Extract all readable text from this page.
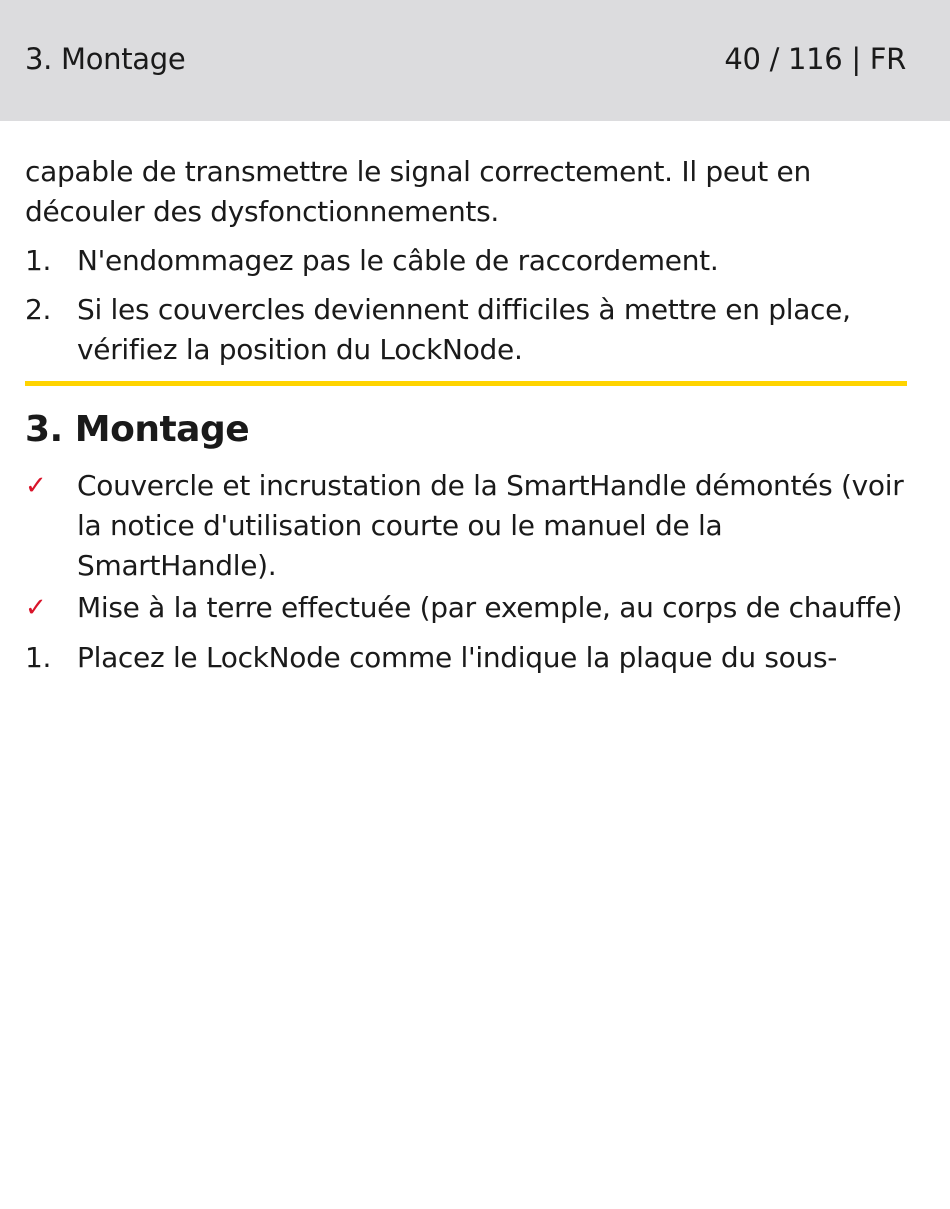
3. Montage	40 / 116 | FR

capable de transmettre le signal correctement. Il peut en découler des dysfonctionnements.

1. N'endommagez pas le câble de raccordement.
2. Si les couvercles deviennent difficiles à mettre en place, vérifiez la position du LockNode.
3. Montage
✓	Couvercle et incrustation de la SmartHandle démontés (voir la notice d'utilisation courte ou le manuel de la SmartHandle).
✓	Mise à la terre effectuée (par exemple, au corps de chauffe)
1. Placez le LockNode comme l'indique la plaque du sous-
